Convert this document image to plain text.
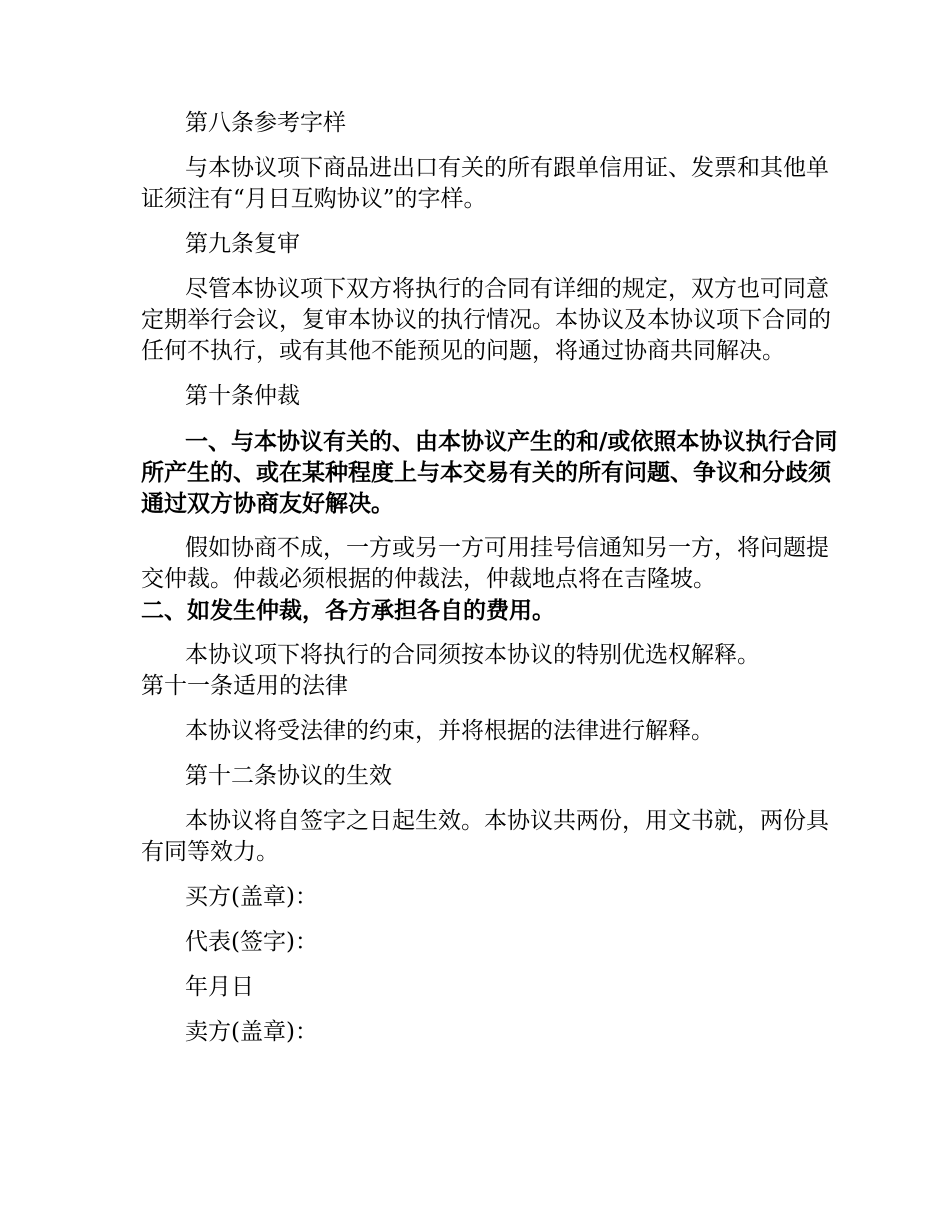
第八条参考字样

与本协议项下商品进出口有关的所有跟单信用证、发票和其他单证须注有“月日互购协议”的字样。

第九条复审

尽管本协议项下双方将执行的合同有详细的规定，双方也可同意定期举行会议，复审本协议的执行情况。本协议及本协议项下合同的任何不执行，或有其他不能预见的问题，将通过协商共同解决。

第十条仲裁

一、与本协议有关的、由本协议产生的和/或依照本协议执行合同所产生的、或在某种程度上与本交易有关的所有问题、争议和分歧须通过双方协商友好解决。

假如协商不成，一方或另一方可用挂号信通知另一方，将问题提交仲裁。仲裁必须根据的仲裁法，仲裁地点将在吉隆坡。

二、如发生仲裁，各方承担各自的费用。

本协议项下将执行的合同须按本协议的特别优选权解释。

第十一条适用的法律

本协议将受法律的约束，并将根据的法律进行解释。

第十二条协议的生效

本协议将自签字之日起生效。本协议共两份，用文书就，两份具有同等效力。

买方(盖章)：

代表(签字)：

年月日

卖方(盖章)：
